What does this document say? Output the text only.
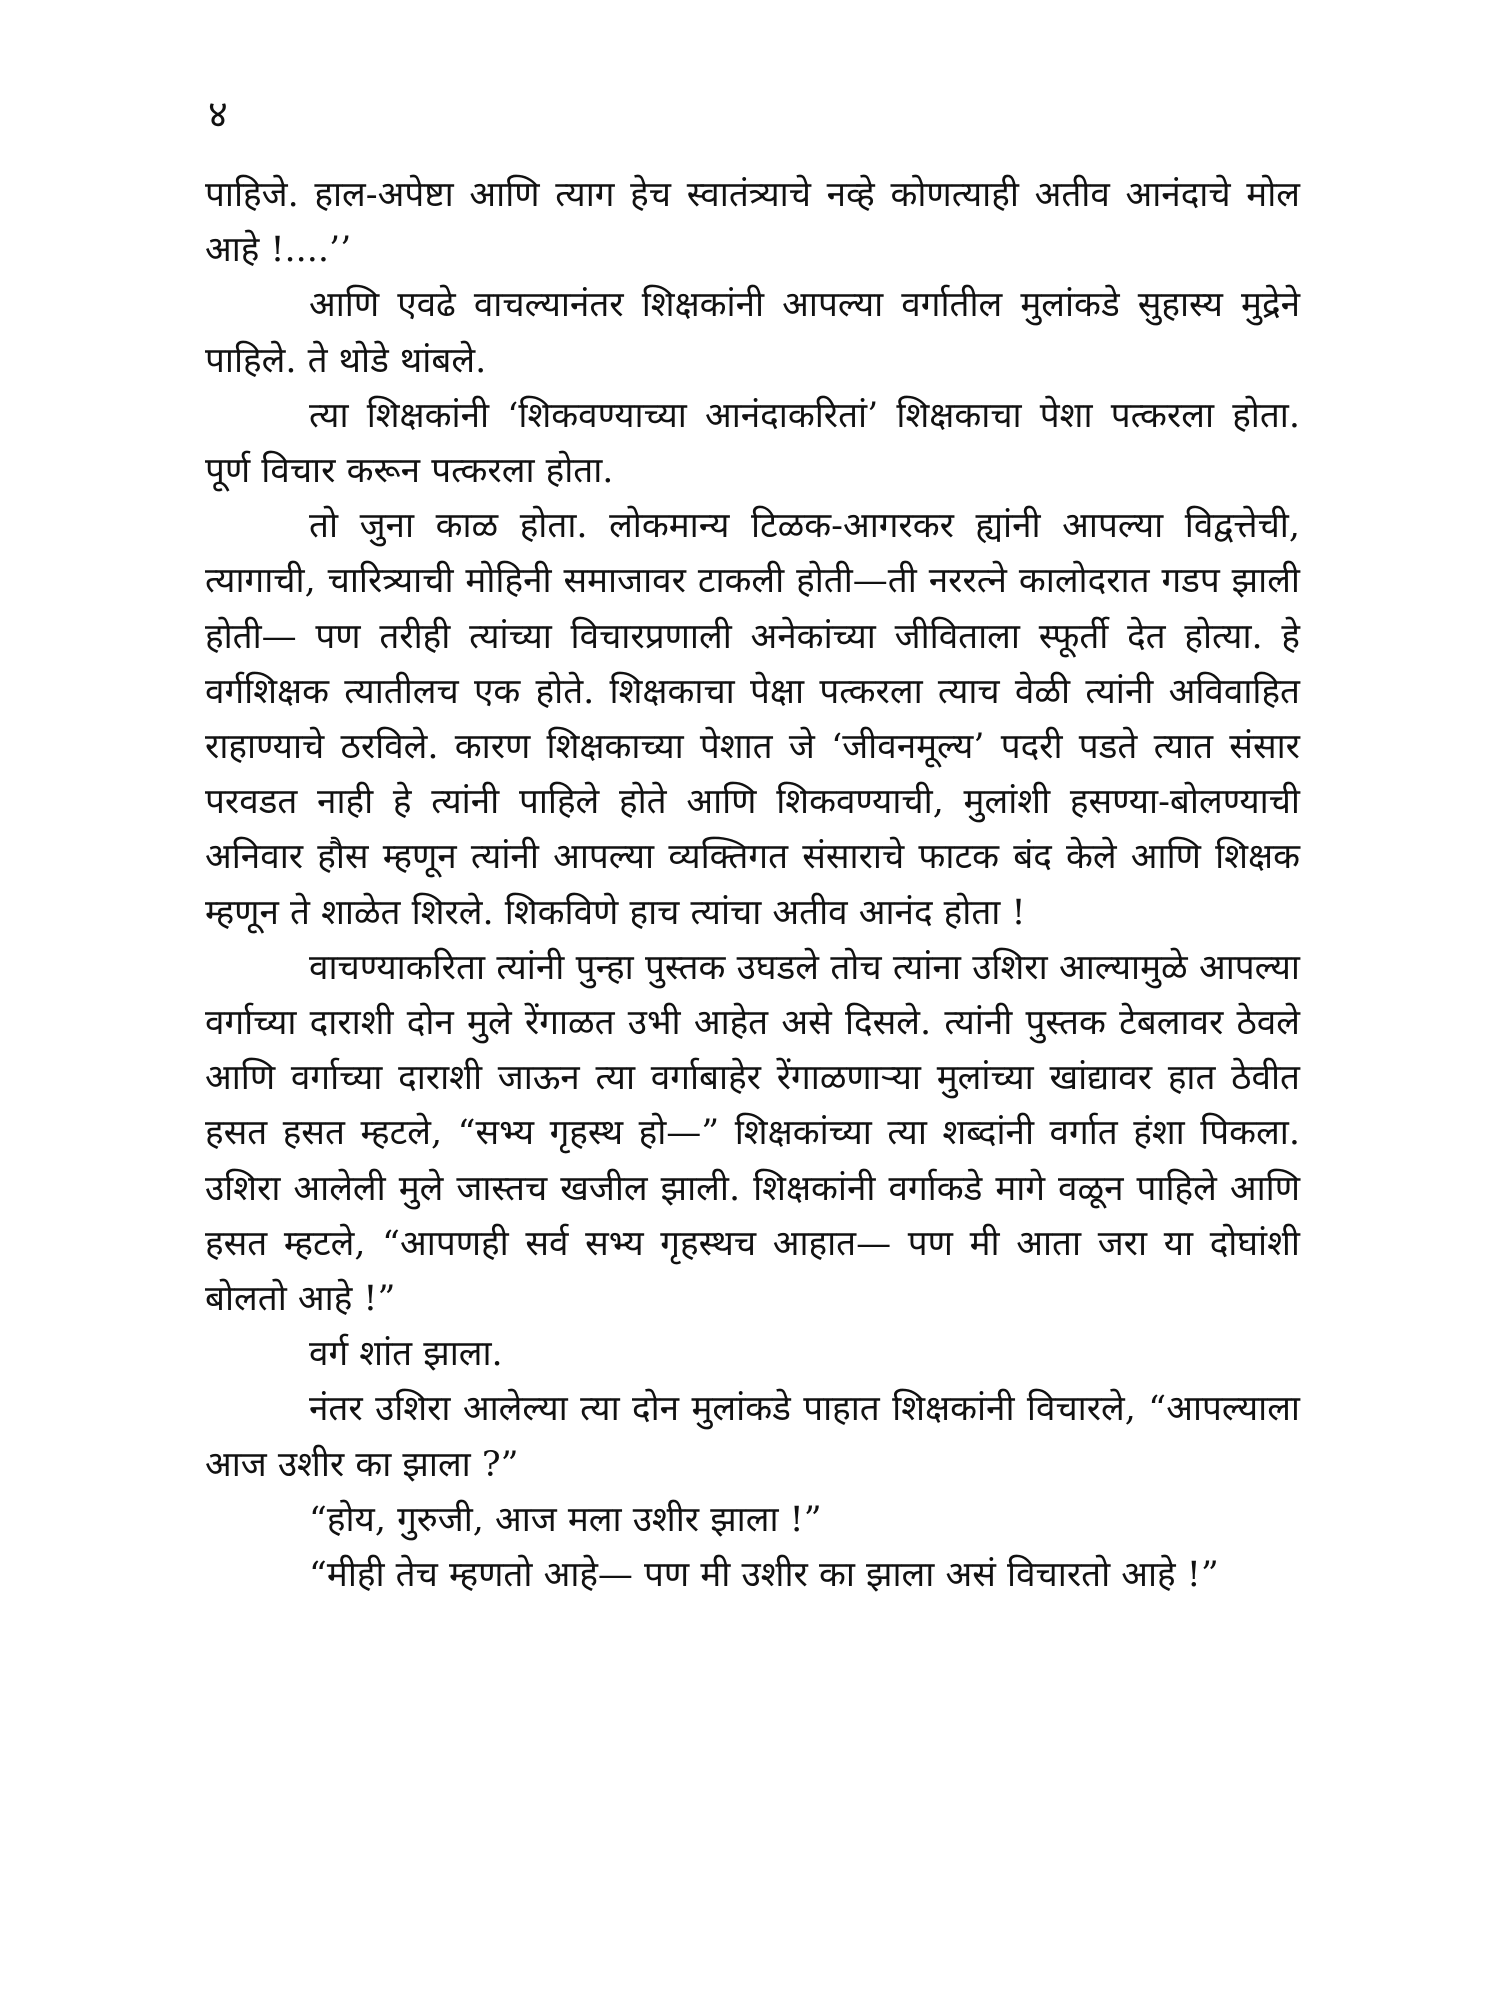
४

पाहिजे. हाल-अपेष्टा आणि त्याग हेच स्वातंत्र्याचे नव्हे कोणत्याही अतीव आनंदाचे मोल आहे !....’’

आणि एवढे वाचल्यानंतर शिक्षकांनी आपल्या वर्गातील मुलांकडे सुहास्य मुद्रेने पाहिले. ते थोडे थांबले.

त्या शिक्षकांनी ‘शिकवण्याच्या आनंदाकरितां’ शिक्षकाचा पेशा पत्करला होता. पूर्ण विचार करून पत्करला होता.

तो जुना काळ होता. लोकमान्य टिळक-आगरकर ह्यांनी आपल्या विद्वत्तेची, त्यागाची, चारित्र्याची मोहिनी समाजावर टाकली होती—ती नररत्ने कालोदरात गडप झाली होती— पण तरीही त्यांच्या विचारप्रणाली अनेकांच्या जीविताला स्फूर्ती देत होत्या. हे वर्गशिक्षक त्यातीलच एक होते. शिक्षकाचा पेक्षा पत्करला त्याच वेळी त्यांनी अविवाहित राहाण्याचे ठरविले. कारण शिक्षकाच्या पेशात जे ‘जीवनमूल्य’ पदरी पडते त्यात संसार परवडत नाही हे त्यांनी पाहिले होते आणि शिकवण्याची, मुलांशी हसण्या-बोलण्याची अनिवार हौस म्हणून त्यांनी आपल्या व्यक्तिगत संसाराचे फाटक बंद केले आणि शिक्षक म्हणून ते शाळेत शिरले. शिकविणे हाच त्यांचा अतीव आनंद होता !

वाचण्याकरिता त्यांनी पुन्हा पुस्तक उघडले तोच त्यांना उशिरा आल्यामुळे आपल्या वर्गाच्या दाराशी दोन मुले रेंगाळत उभी आहेत असे दिसले. त्यांनी पुस्तक टेबलावर ठेवले आणि वर्गाच्या दाराशी जाऊन त्या वर्गाबाहेर रेंगाळणाऱ्या मुलांच्या खांद्यावर हात ठेवीत हसत हसत म्हटले, “सभ्य गृहस्थ हो—” शिक्षकांच्या त्या शब्दांनी वर्गात हंशा पिकला. उशिरा आलेली मुले जास्तच खजील झाली. शिक्षकांनी वर्गाकडे मागे वळून पाहिले आणि हसत म्हटले, “आपणही सर्व सभ्य गृहस्थच आहात— पण मी आता जरा या दोघांशी बोलतो आहे !”

वर्ग शांत झाला.

नंतर उशिरा आलेल्या त्या दोन मुलांकडे पाहात शिक्षकांनी विचारले, “आपल्याला आज उशीर का झाला ?”

“होय, गुरुजी, आज मला उशीर झाला !”

“मीही तेच म्हणतो आहे— पण मी उशीर का झाला असं विचारतो आहे !”
